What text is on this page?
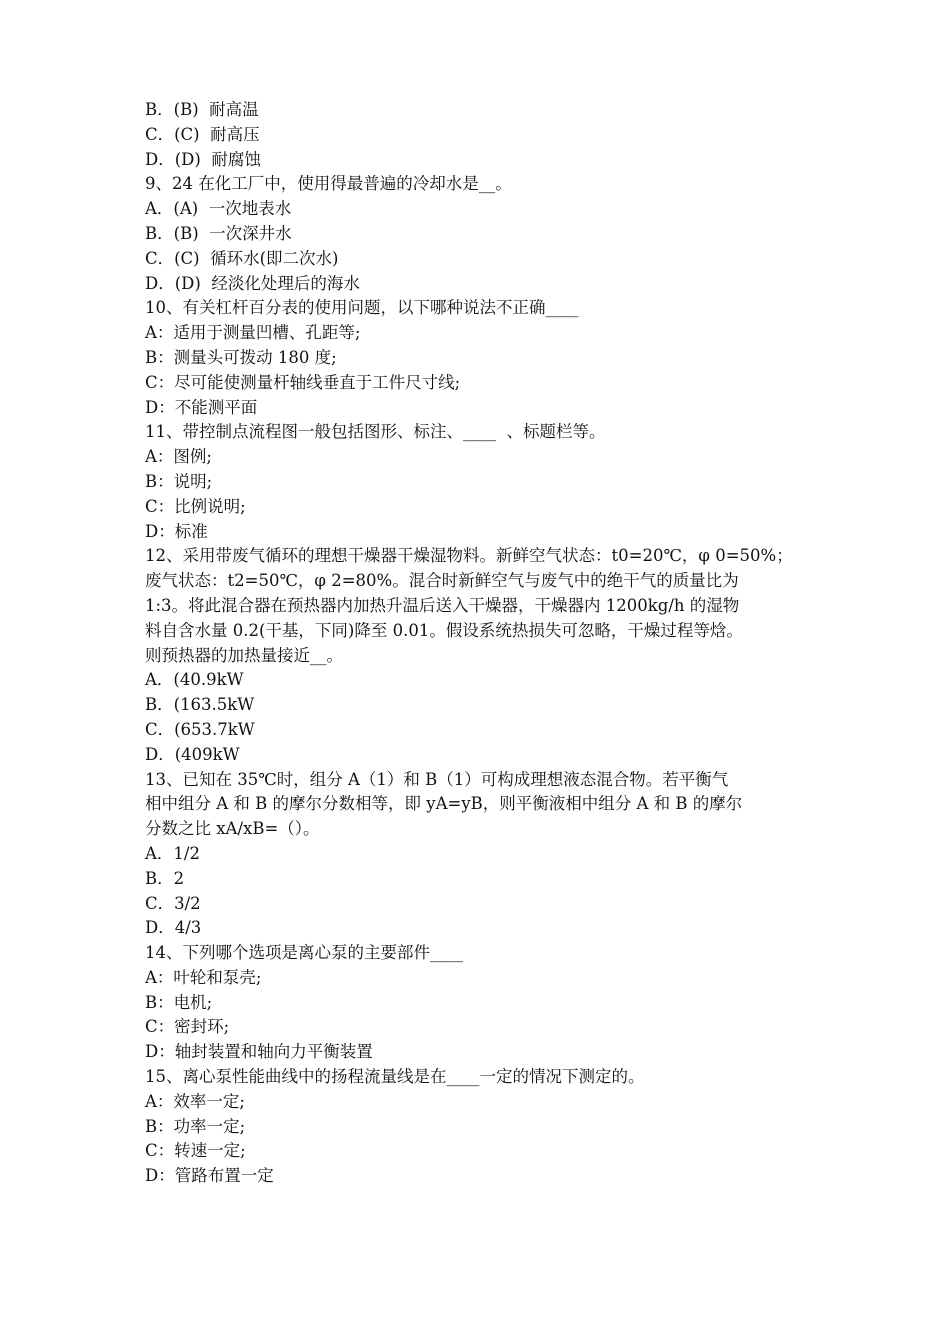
B．(B)  耐高温
C．(C)  耐高压
D．(D)  耐腐蚀
9、24 在化工厂中，使用得最普遍的冷却水是__。
A．(A)  一次地表水
B．(B)  一次深井水
C．(C)  循环水(即二次水)
D．(D)  经淡化处理后的海水
10、有关杠杆百分表的使用问题，以下哪种说法不正确____
A：适用于测量凹槽、孔距等;
B：测量头可拨动 180 度;
C：尽可能使测量杆轴线垂直于工件尺寸线;
D：不能测平面
11、带控制点流程图一般包括图形、标注、____  、标题栏等。
A：图例;
B：说明;
C：比例说明;
D：标准
12、采用带废气循环的理想干燥器干燥湿物料。新鲜空气状态：t0=20℃，φ 0=50%；
废气状态：t2=50℃，φ 2=80%。混合时新鲜空气与废气中的绝干气的质量比为
1:3。将此混合器在预热器内加热升温后送入干燥器，干燥器内 1200kg/h 的湿物
料自含水量 0.2(干基，下同)降至 0.01。假设系统热损失可忽略，干燥过程等焓。
则预热器的加热量接近__。
A．(40.9kW
B．(163.5kW
C．(653.7kW
D．(409kW
13、已知在 35℃时，组分 A（1）和 B（1）可构成理想液态混合物。若平衡气
相中组分 A 和 B 的摩尔分数相等，即 yA=yB，则平衡液相中组分 A 和 B 的摩尔
分数之比 xA/xB=（）。
A．1/2
B．2
C．3/2
D．4/3
14、下列哪个选项是离心泵的主要部件____
A：叶轮和泵壳;
B：电机;
C：密封环;
D：轴封装置和轴向力平衡装置
15、离心泵性能曲线中的扬程流量线是在____一定的情况下测定的。
A：效率一定;
B：功率一定;
C：转速一定;
D：管路布置一定
